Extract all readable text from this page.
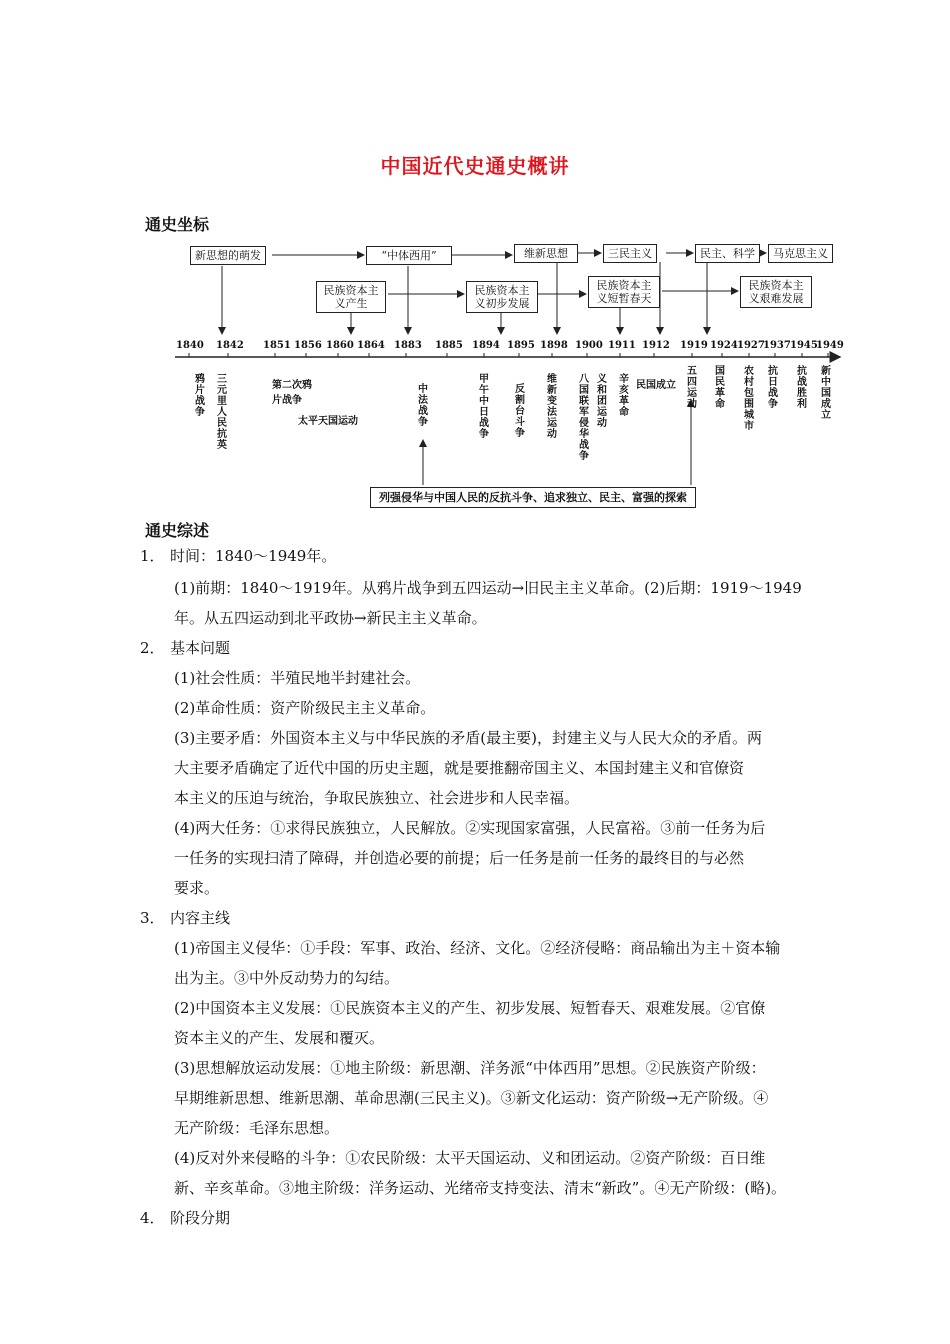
中国近代史通史概讲
通史坐标
新思想的萌发	“中体西用”	维新思想	三民主义	民主、科学	马克思主义
民族资本主义产生
民族资本主义初步发展
民族资本主义短暂春天
民族资本主义艰难发展
1840 1842 1851 1856 1860 1864 1883 1885 1894 1895 1898 1900 1911 1912 1919 1924 1927
1937 1945
1949
鸦片战争
三元里人民抗英
第二次鸦片战争
太平天国运动
中法战争
甲午中日战争
反割台斗争
维新变法运动
八国联军侵华战争
义和团运动
辛亥革命
民国成立
五四运动
国民革命
农村包围城市
抗日战争
抗战胜利
新中国成立
列强侵华与中国人民的反抗斗争、追求独立、民主、富强的探索
通史综述
1． 时间：1840～1949年。
(1)前期：1840～1919年。从鸦片战争到五四运动→旧民主主义革命。(2)后期：1919～1949
年。从五四运动到北平政协→新民主主义革命。
2． 基本问题
(1)社会性质：半殖民地半封建社会。
(2)革命性质：资产阶级民主主义革命。
(3)主要矛盾：外国资本主义与中华民族的矛盾(最主要)，封建主义与人民大众的矛盾。两
大主要矛盾确定了近代中国的历史主题，就是要推翻帝国主义、本国封建主义和官僚资
本主义的压迫与统治，争取民族独立、社会进步和人民幸福。
(4)两大任务：①求得民族独立，人民解放。②实现国家富强，人民富裕。③前一任务为后
一任务的实现扫清了障碍，并创造必要的前提；后一任务是前一任务的最终目的与必然
要求。
3． 内容主线
(1)帝国主义侵华：①手段：军事、政治、经济、文化。②经济侵略：商品输出为主＋资本输
出为主。③中外反动势力的勾结。
(2)中国资本主义发展：①民族资本主义的产生、初步发展、短暂春天、艰难发展。②官僚
资本主义的产生、发展和覆灭。
(3)思想解放运动发展：①地主阶级：新思潮、洋务派“中体西用”思想。②民族资产阶级：
早期维新思想、维新思潮、革命思潮(三民主义)。③新文化运动：资产阶级→无产阶级。④
无产阶级：毛泽东思想。
(4)反对外来侵略的斗争：①农民阶级：太平天国运动、义和团运动。②资产阶级：百日维
新、辛亥革命。③地主阶级：洋务运动、光绪帝支持变法、清末“新政”。④无产阶级：(略)。
4． 阶段分期
